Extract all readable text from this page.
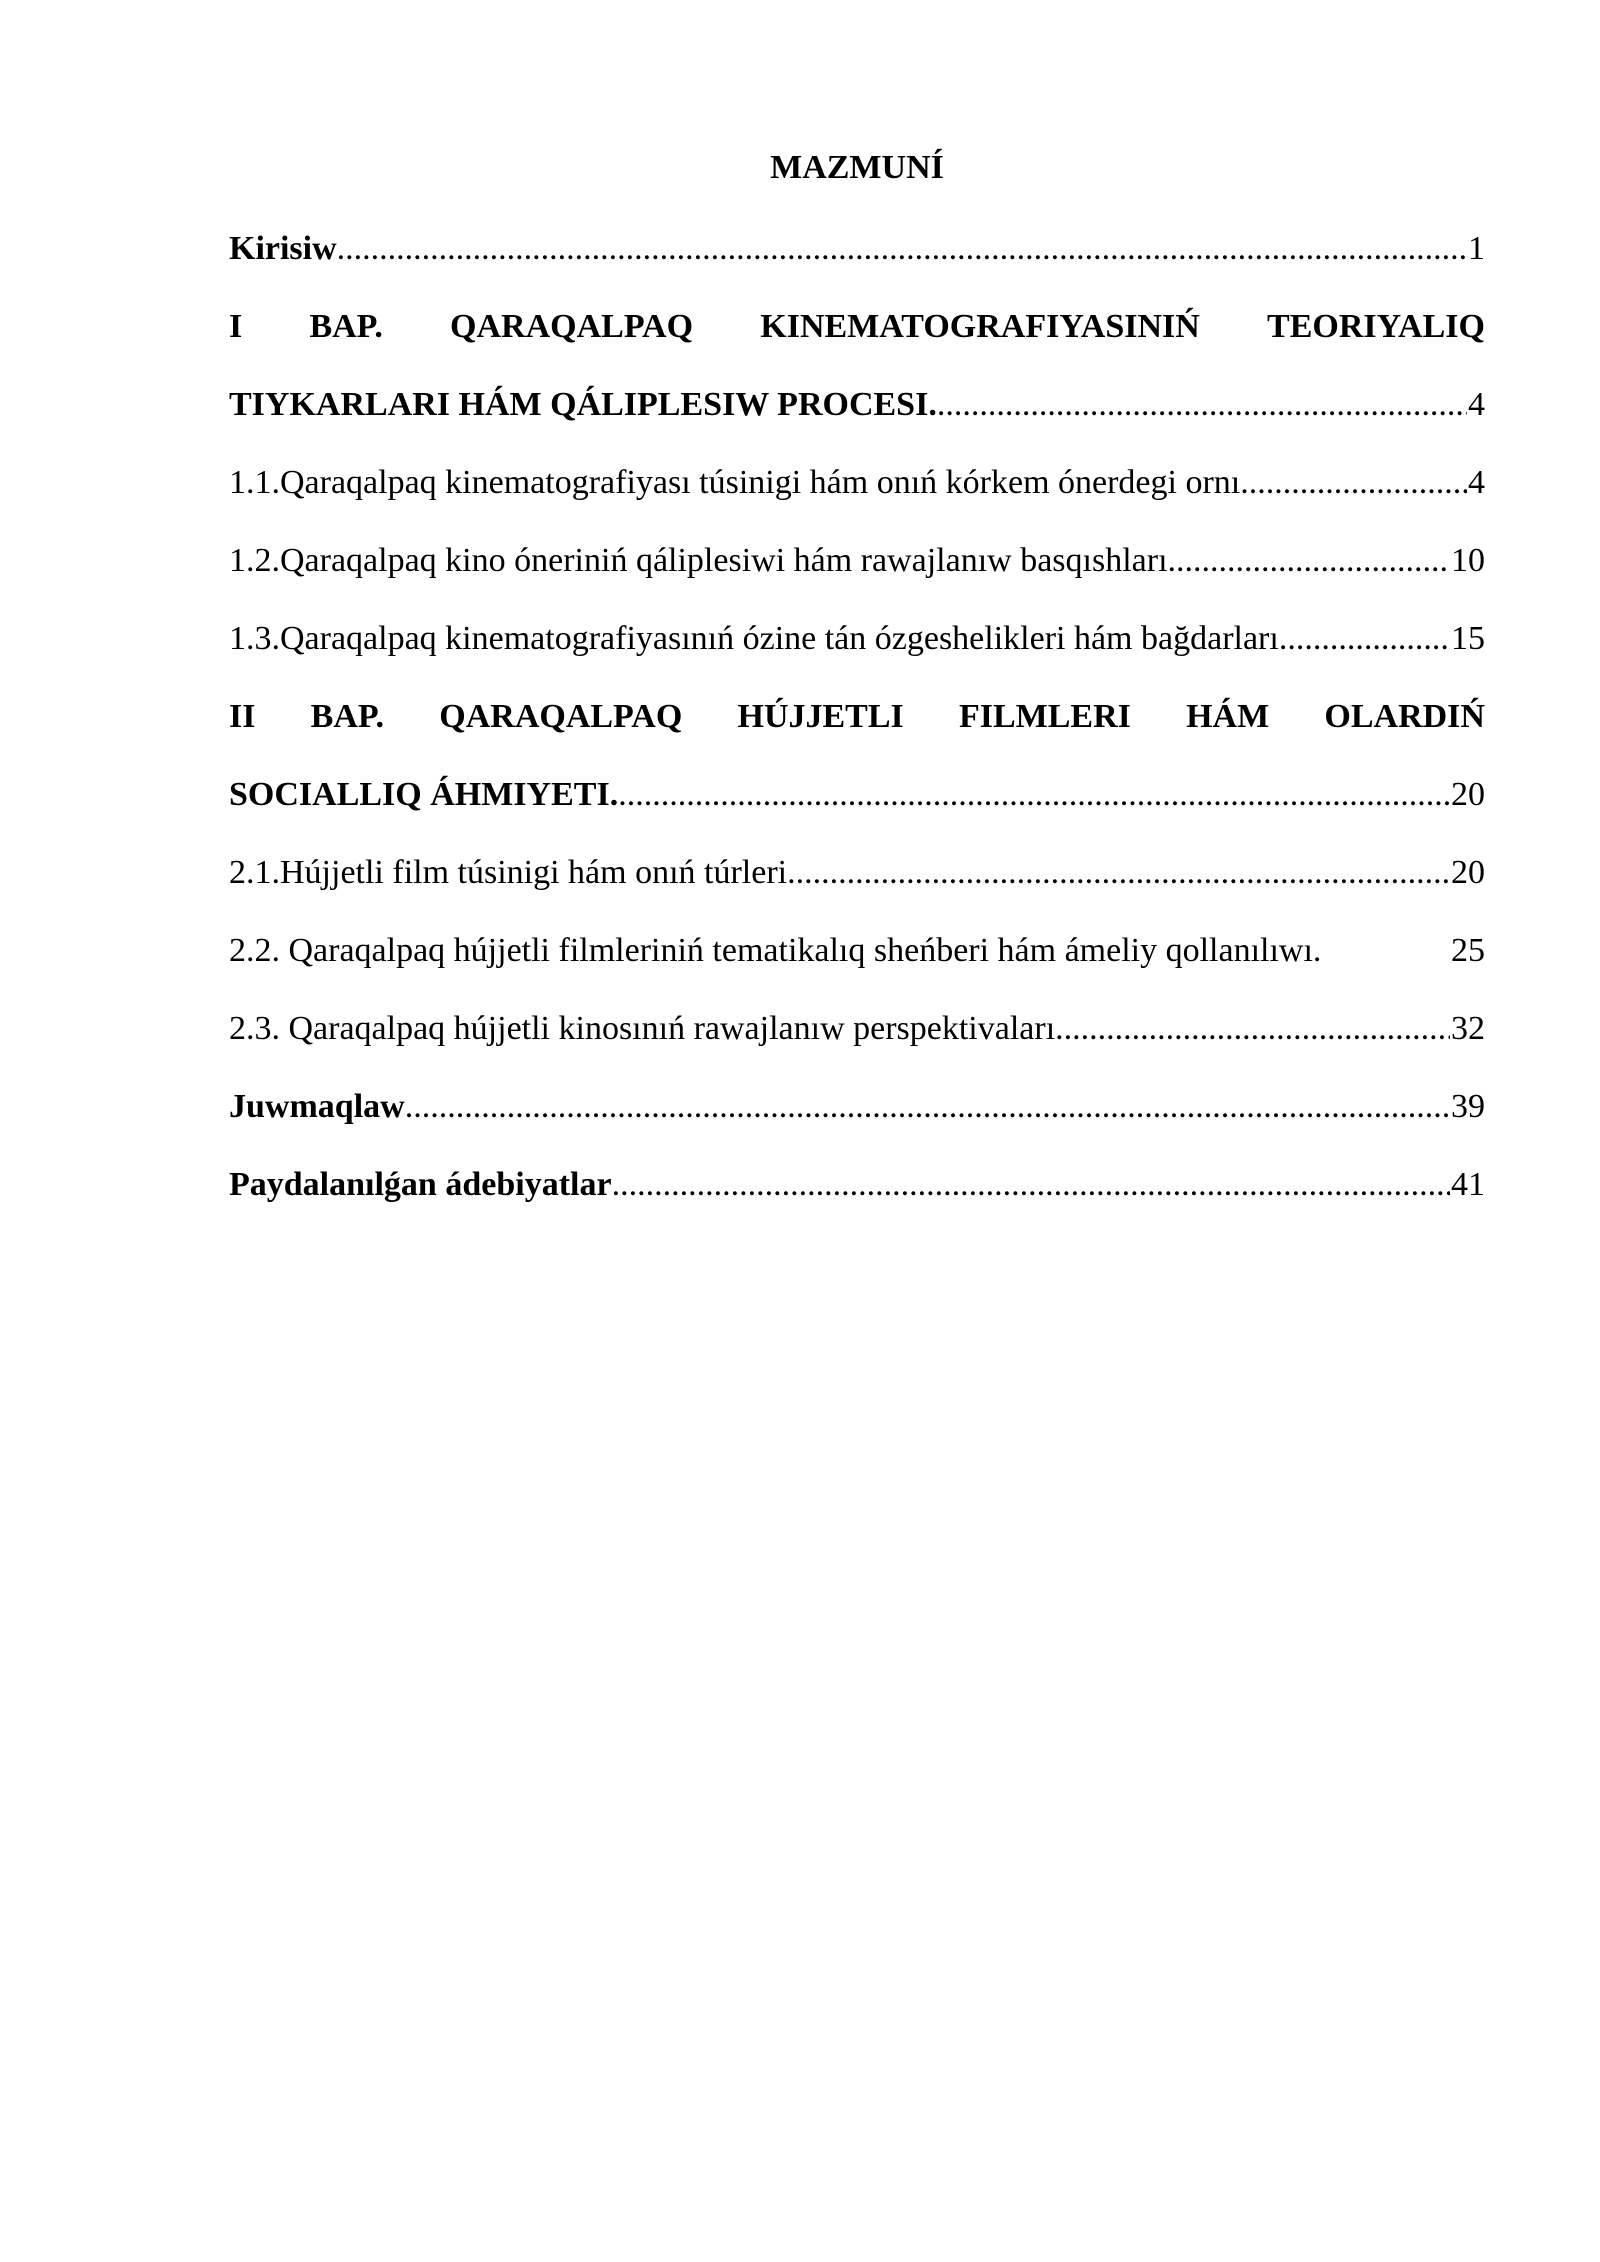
MAZMUNÍ
Kirisiw .....	1
I BAP. QARAQALPAQ KINEMATOGRAFIYASINIŃ TEORIYALIQ
TIYKARLARI HÁM QÁLIPLESIW PROCESI. .....	4
1.1.Qaraqalpaq kinematografiyası túsinigi hám onıń kórkem ónerdegi ornı .....	4
1.2.Qaraqalpaq kino óneriniń qáliplesiwi hám rawajlanıw basqıshları .....	10
1.3.Qaraqalpaq kinematografiyasınıń ózine tán ózgeshelikleri hám bağdarları. .....	15
II BAP. QARAQALPAQ HÚJJETLI FILMLERI HÁM OLARDIŃ
SOCIALLIQ ÁHMIYETI. .....	20
2.1.Húјjetli film túsinigi hám onıń túrleri .....	20
2.2. Qaraqalpaq húјjetli filmleriniń tematikalıq sheńberi hám ámeliy qollanılıwı.	25
2.3. Qaraqalpaq húјjetli kinosınıń rawajlanıw perspektivaları .....	32
Juwmaqlaw .....	39
Paydalanılǵan ádebiyatlar .....	41
